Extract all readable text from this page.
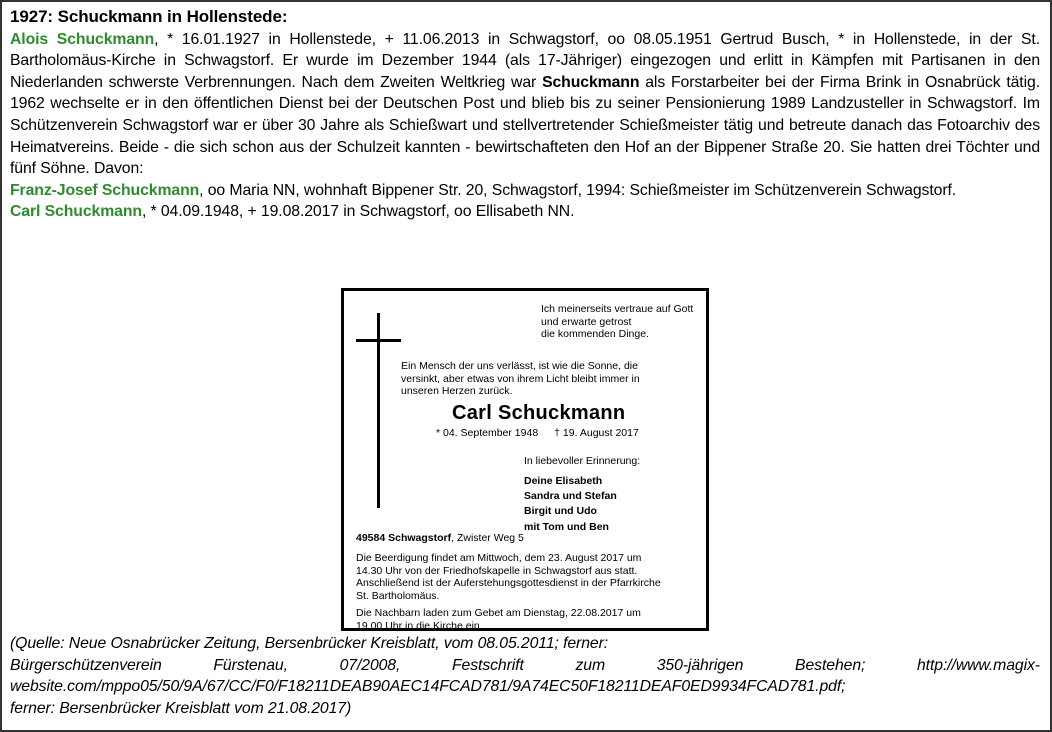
1927: Schuckmann in Hollenstede:
Alois Schuckmann, * 16.01.1927 in Hollenstede, + 11.06.2013 in Schwagstorf, oo 08.05.1951 Gertrud Busch, * in Hollenstede, in der St. Bartholomäus-Kirche in Schwagstorf. Er wurde im Dezember 1944 (als 17-Jähriger) eingezogen und erlitt in Kämpfen mit Partisanen in den Niederlanden schwerste Verbrennungen. Nach dem Zweiten Weltkrieg war Schuckmann als Forstarbeiter bei der Firma Brink in Osnabrück tätig. 1962 wechselte er in den öffentlichen Dienst bei der Deutschen Post und blieb bis zu seiner Pensionierung 1989 Landzusteller in Schwagstorf. Im Schützenverein Schwagstorf war er über 30 Jahre als Schießwart und stellvertretender Schießmeister tätig und betreute danach das Fotoarchiv des Heimatvereins. Beide - die sich schon aus der Schulzeit kannten - bewirtschafteten den Hof an der Bippener Straße 20. Sie hatten drei Töchter und fünf Söhne. Davon:
Franz-Josef Schuckmann, oo Maria NN, wohnhaft Bippener Str. 20, Schwagstorf, 1994: Schießmeister im Schützenverein Schwagstorf.
Carl Schuckmann, * 04.09.1948, + 19.08.2017 in Schwagstorf, oo Ellisabeth NN.
Ich meinerseits vertraue auf Gott
und erwarte getrost
die kommenden Dinge.
Ein Mensch der uns verlässt, ist wie die Sonne, die
versinkt, aber etwas von ihrem Licht bleibt immer in
unseren Herzen zurück.
Carl Schuckmann
* 04. September 1948 † 19. August 2017
In liebevoller Erinnerung:
Deine Elisabeth
Sandra und Stefan
Birgit und Udo
mit Tom und Ben
49584 Schwagstorf, Zwister Weg 5
Die Beerdigung findet am Mittwoch, dem 23. August 2017 um
14.30 Uhr von der Friedhofskapelle in Schwagstorf aus statt.
Anschließend ist der Auferstehungsgottesdienst in der Pfarrkirche
St. Bartholomäus.
Die Nachbarn laden zum Gebet am Dienstag, 22.08.2017 um
19.00 Uhr in die Kirche ein.
(Quelle: Neue Osnabrücker Zeitung, Bersenbrücker Kreisblatt, vom 08.05.2011; ferner:
Bürgerschützenverein	Fürstenau,	07/2008,	Festschrift	zum	350-jährigen	Bestehen;	http://www.magix-
website.com/mppo05/50/9A/67/CC/F0/F18211DEAB90AEC14FCAD781/9A74EC50F18211DEAF0ED9934FCAD781.pdf;
ferner: Bersenbrücker Kreisblatt vom 21.08.2017)
